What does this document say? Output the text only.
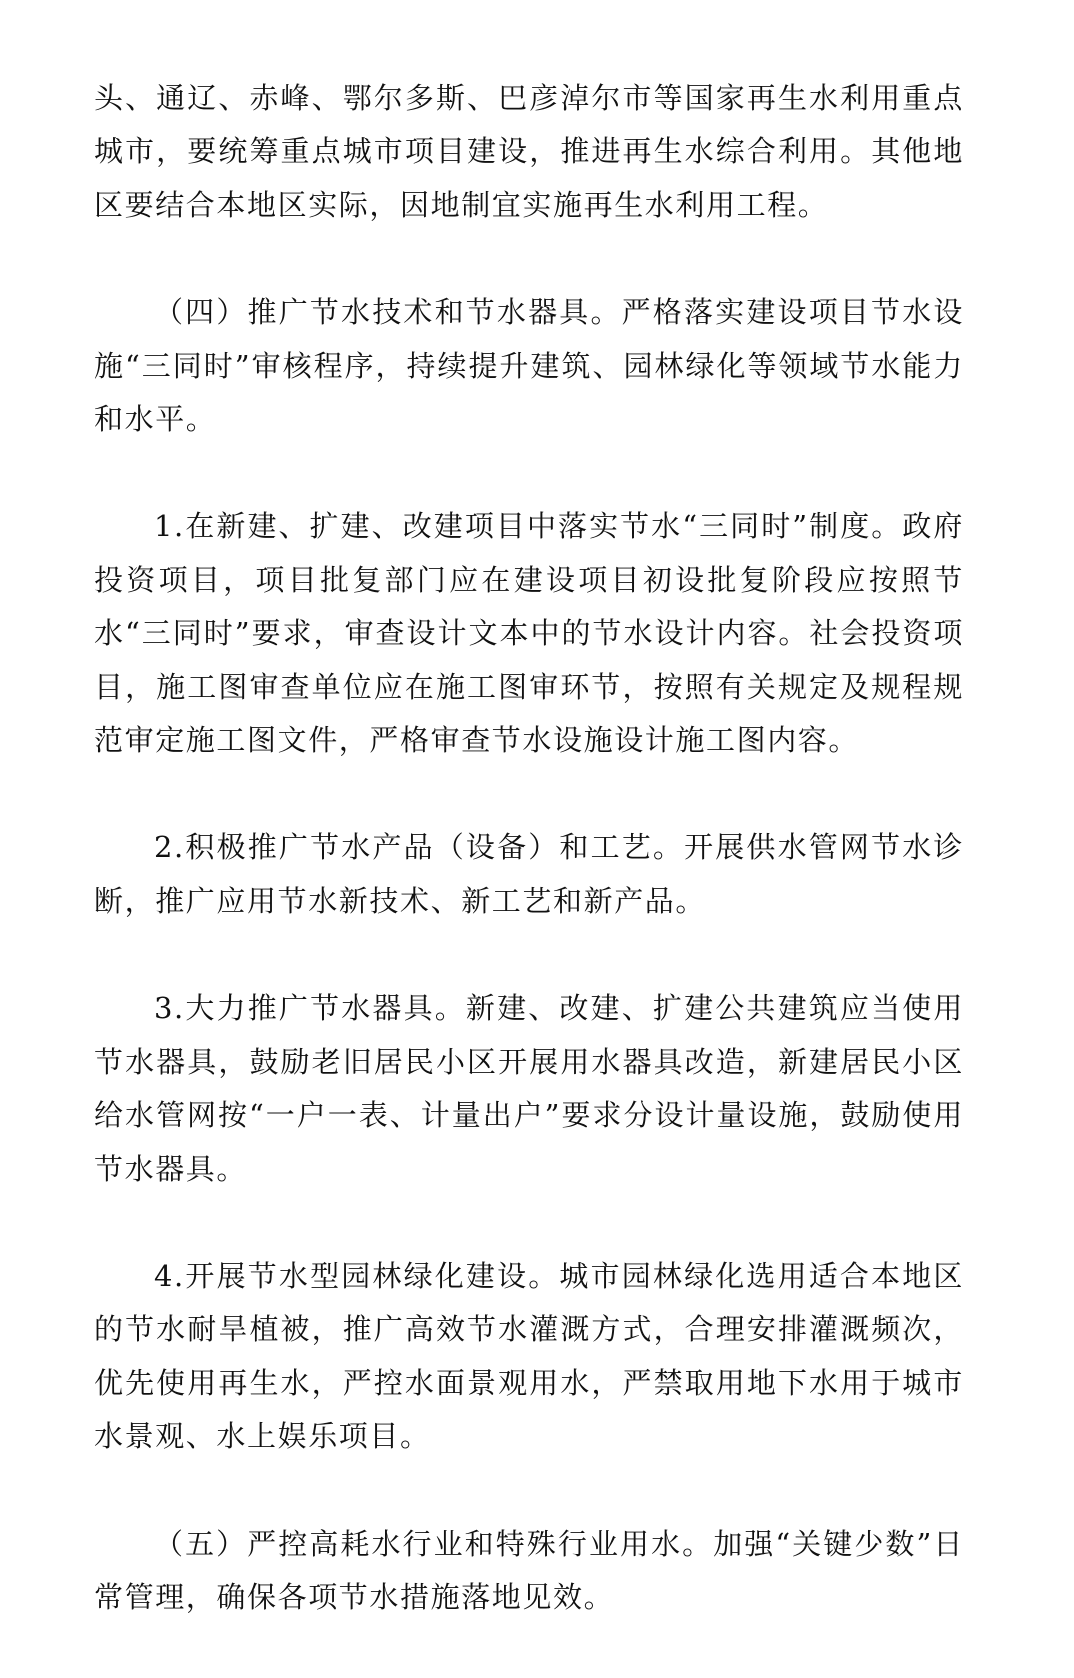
头、通辽、赤峰、鄂尔多斯、巴彦淖尔市等国家再生水利用重点城市，要统筹重点城市项目建设，推进再生水综合利用。其他地区要结合本地区实际，因地制宜实施再生水利用工程。

（四）推广节水技术和节水器具。严格落实建设项目节水设施“三同时”审核程序，持续提升建筑、园林绿化等领域节水能力和水平。

1.在新建、扩建、改建项目中落实节水“三同时”制度。政府投资项目，项目批复部门应在建设项目初设批复阶段应按照节水“三同时”要求，审查设计文本中的节水设计内容。社会投资项目，施工图审查单位应在施工图审环节，按照有关规定及规程规范审定施工图文件，严格审查节水设施设计施工图内容。

2.积极推广节水产品（设备）和工艺。开展供水管网节水诊断，推广应用节水新技术、新工艺和新产品。

3.大力推广节水器具。新建、改建、扩建公共建筑应当使用节水器具，鼓励老旧居民小区开展用水器具改造，新建居民小区给水管网按“一户一表、计量出户”要求分设计量设施，鼓励使用节水器具。

4.开展节水型园林绿化建设。城市园林绿化选用适合本地区的节水耐旱植被，推广高效节水灌溉方式，合理安排灌溉频次，优先使用再生水，严控水面景观用水，严禁取用地下水用于城市水景观、水上娱乐项目。

（五）严控高耗水行业和特殊行业用水。加强“关键少数”日常管理，确保各项节水措施落地见效。
